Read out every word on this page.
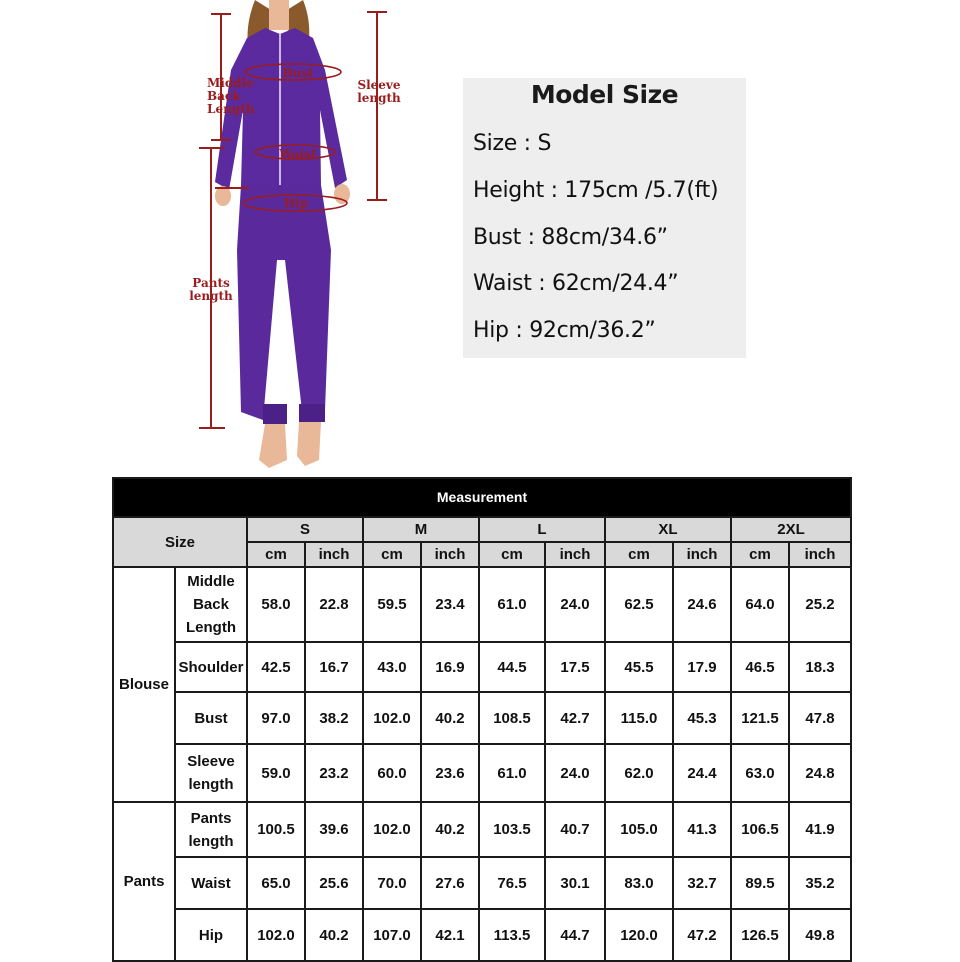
Middle
Back
Length
Bust
Sleeve
length
Waist
Hip
Pants
length
Model Size
Size : S
Height : 175cm /5.7(ft)
Bust : 88cm/34.6”
Waist : 62cm/24.4”
Hip : 92cm/36.2”
Measurement											
Size		S		M		L		XL		2XL	
		cm	inch	cm	inch	cm	inch	cm	inch	cm	inch
Blouse	Middle
Back
Length	58.0	22.8	59.5	23.4	61.0	24.0	62.5	24.6	64.0	25.2
	Shoulder	42.5	16.7	43.0	16.9	44.5	17.5	45.5	17.9	46.5	18.3
	Bust	97.0	38.2	102.0	40.2	108.5	42.7	115.0	45.3	121.5	47.8
	Sleeve
length	59.0	23.2	60.0	23.6	61.0	24.0	62.0	24.4	63.0	24.8
Pants	Pants
length	100.5	39.6	102.0	40.2	103.5	40.7	105.0	41.3	106.5	41.9
	Waist	65.0	25.6	70.0	27.6	76.5	30.1	83.0	32.7	89.5	35.2
	Hip	102.0	40.2	107.0	42.1	113.5	44.7	120.0	47.2	126.5	49.8
